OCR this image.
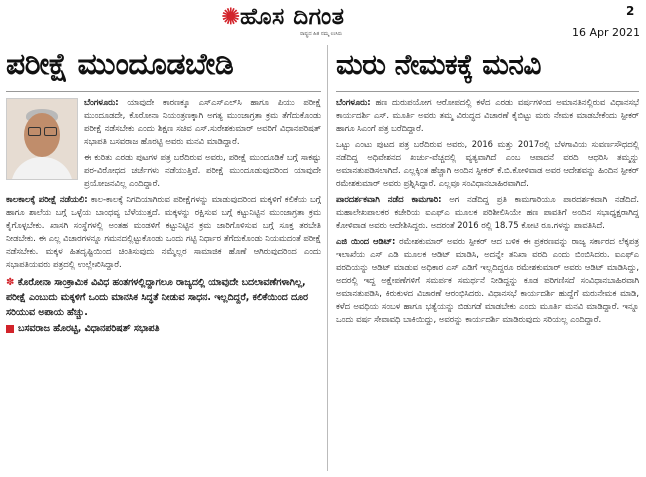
✺ಹೊಸ ದಿಗಂತ
ರಾಷ್ಟ್ರದ ಹಿತ ನಮ್ಮ ಉಸಿರು
2
16 Apr 2021
ಪರೀಕ್ಷೆ ಮುಂದೂಡಬೇಡಿ

ಬೆಂಗಳೂರು:
ಯಾವುದೇ ಕಾರಣಕ್ಕೂ ಎಸ್‌ಎಸ್‌ಎಲ್‌ಸಿ ಹಾಗೂ ಪಿಯು ಪರೀಕ್ಷೆ ಮುಂದೂಡದೇ, ಕೊರೋನಾ ನಿಯಂತ್ರಣಕ್ಕಾಗಿ ಅಗತ್ಯ ಮುಂಜಾಗ್ರತಾ ಕ್ರಮ ತೆಗೆದುಕೊಂಡು ಪರೀಕ್ಷೆ ನಡೆಸಬೇಕು ಎಂದು ಶಿಕ್ಷಣ ಸಚಿವ ಎಸ್.ಸುರೇಶಕುಮಾರ್ ಅವರಿಗೆ ವಿಧಾನಪರಿಷತ್ ಸಭಾಪತಿ ಬಸವರಾಜ ಹೊರಟ್ಟಿ ಅವರು ಮನವಿ ಮಾಡಿದ್ದಾರೆ.

ಈ ಕುರಿತು ಎರಡು ಪುಟಗಳ ಪತ್ರ ಬರೆದಿರುವ ಅವರು, ಪರೀಕ್ಷೆ ಮುಂದೂಡಿಕೆ ಬಗ್ಗೆ ಸಾಕಷ್ಟು ಪರ-ವಿರೋಧದ ಚರ್ಚೆಗಳು ನಡೆಯುತ್ತಿವೆ. ಪರೀಕ್ಷೆ ಮುಂದೂಡುವುದರಿಂದ ಯಾವುದೇ ಪ್ರಯೋಜನವಿಲ್ಲ ಎಂದಿದ್ದಾರೆ.

ಕಾಲಕಾಲಕ್ಕೆ ಪರೀಕ್ಷೆ ನಡೆಯಲಿ: ಕಾಲ-ಕಾಲಕ್ಕೆ ನಿಗದಿಯಾಗಿರುವ ಪರೀಕ್ಷೆಗಳನ್ನು ಮಾಡುವುದರಿಂದ ಮಕ್ಕಳಿಗೆ ಕಲಿಕೆಯ ಬಗ್ಗೆ ಹಾಗೂ ಶಾಲೆಯ ಬಗ್ಗೆ ಒಳ್ಳೆಯ ಬಾಂಧವ್ಯ ಬೆಳೆಯುತ್ತದೆ. ಮಕ್ಕಳನ್ನು ರಕ್ಷಿಸುವ ಬಗ್ಗೆ ಕಟ್ಟುನಿಟ್ಟಿನ ಮುಂಜಾಗ್ರತಾ ಕ್ರಮ ಕೈಗೊಳ್ಳಬೇಕು. ಖಾಸಗಿ ಸಂಸ್ಥೆಗಳಲ್ಲಿ ಅಂತಹ ಮಂಡಳಿಗೆ ಕಟ್ಟುನಿಟ್ಟಿನ ಕ್ರಮ ಜಾರಿಗೊಳಿಸುವ ಬಗ್ಗೆ ಸೂಕ್ತ ತರಬೇತಿ ನೀಡಬೇಕು. ಈ ಎಲ್ಲ ವಿಚಾರಗಳನ್ನೂ ಗಮನದಲ್ಲಿಟ್ಟುಕೊಂಡು ಒಂದು ಗಟ್ಟಿ ನಿರ್ಧಾರ ತೆಗೆದುಕೊಂಡು ನಿಯಮದಂತೆ ಪರೀಕ್ಷೆ ನಡೆಸಬೇಕು. ಮಕ್ಕಳ ಹಿತದೃಷ್ಟಿಯಿಂದ ಚಿಂತಿಸುವುದು ನಮ್ಮೆಲ್ಲರ ಸಾಮಾಜಿಕ ಹೊಣೆ ಆಗಿರುವುದರಿಂದ ಎಂದು ಸಭಾಪತಿಯವರು ಪತ್ರದಲ್ಲಿ ಉಲ್ಲೇಖಿಸಿದ್ದಾರೆ.

✽ ಕೊರೋನಾ ಸಾಂಕ್ರಾಮಿಕ ವಿವಿಧ ಹಂತಗಳಲ್ಲಿದ್ದಾಗಲೂ ರಾಜ್ಯದಲ್ಲಿ ಯಾವುದೇ ಬದಲಾವಣೆಗಳಾಗಿಲ್ಲ, ಪರೀಕ್ಷೆ ಎಂಬುದು ಮಕ್ಕಳಿಗೆ ಒಂದು ಮಾನಸಿಕ ಸಿದ್ಧತೆ ನೀಡುವ ಸಾಧನ. ಇಲ್ಲದಿದ್ದರೆ, ಕಲಿಕೆಯಿಂದ ದೂರ ಸರಿಯುವ ಅಪಾಯ ಹೆಚ್ಚು.
ಬಸವರಾಜ ಹೊರಟ್ಟಿ, ವಿಧಾನಪರಿಷತ್ ಸಭಾಪತಿ
ಮರು ನೇಮಕಕ್ಕೆ ಮನವಿ

ಬೆಂಗಳೂರು: ಹಣ ದುರುಪಯೋಗ ಆರೋಪದಲ್ಲಿ ಕಳೆದ ಎರಡು ವರ್ಷಗಳಿಂದ ಅಮಾನತಿನಲ್ಲಿರುವ ವಿಧಾನಸಭೆ ಕಾರ್ಯದರ್ಶಿ ಎಸ್. ಮೂರ್ತಿ ಅವರು ತಮ್ಮ ವಿರುದ್ಧದ ವಿಚಾರಣೆ ಕೈಬಿಟ್ಟು ಮರು ನೇಮಕ ಮಾಡಬೇಕೆಂದು ಸ್ಪೀಕರ್ ಹಾಗೂ ಸಿಎಂಗೆ ಪತ್ರ ಬರೆದಿದ್ದಾರೆ.

ಒಟ್ಟು ಎಂಟು ಪುಟದ ಪತ್ರ ಬರೆದಿರುವ ಅವರು, 2016 ಮತ್ತು 2017ರಲ್ಲಿ ಬೆಳಗಾವಿಯ ಸುವರ್ಣಸೌಧದಲ್ಲಿ ನಡೆದಿದ್ದ ಅಧಿವೇಶನದ ಖರ್ಚು-ವೆಚ್ಚದಲ್ಲಿ ವ್ಯತ್ಯವಾಗಿದೆ ಎಂಬ ಆಪಾದನೆ ವರದಿ ಆಧರಿಸಿ ತಮ್ಮನ್ನು ಅಮಾನತುಪಡಿಸಲಾಗಿದೆ. ಎಲ್ಲಕ್ಕಿಂತ ಹೆಚ್ಚಾಗಿ ಅಂದಿನ ಸ್ಪೀಕರ್ ಕೆ.ಬಿ.ಕೋಳಿವಾಡ ಅವರ ಆದೇಶವನ್ನು ಹಿಂದಿನ ಸ್ಪೀಕರ್ ರಮೇಶಕುಮಾರ್ ಅವರು ಪ್ರಶ್ನಿಸಿದ್ದಾರೆ. ಎಲ್ಲವೂ ಸಂವಿಧಾನಬಾಹಿರವಾಗಿದೆ.

ಪಾರದರ್ಶಕವಾಗಿ ನಡೆದ ಕಾಮಗಾರಿ: ಅಗ ನಡೆದಿದ್ದ ಪ್ರತಿ ಕಾಮಗಾರಿಯೂ ಪಾರದರ್ಶಕವಾಗಿ ನಡೆದಿದೆ. ಮಹಾಲೇಖಪಾಲಕರ ಕಚೇರಿಯ ಐಎಫ್‌ಎ ಮೂಲಕ ಪರಿಶೀಲಿಸಿಯೇ ಹಣ ಪಾವತಿಗೆ ಅಂದಿನ ಸಭಾಧ್ಯಕ್ಷರಾಗಿದ್ದ ಕೋಳಿವಾಡ ಅವರು ಆದೇಶಿಸಿದ್ದರು. ಅದರಂತೆ 2016 ರಲ್ಲಿ 18.75 ಕೋಟಿ ರೂ.ಗಳನ್ನು ಪಾವತಿಸಿದೆ.

ಎಜಿ ಯಿಂದ ಆಡಿಟ್: ರಮೇಶಕುಮಾರ್ ಅವರು ಸ್ಪೀಕರ್ ಆದ ಬಳಿಕ ಈ ಪ್ರಕರಣವನ್ನು ರಾಜ್ಯ ಸರ್ಕಾರದ ಲೆಕ್ಕಪತ್ರ ಇಲಾಖೆಯ ಎಸ್ ಎಡಿ ಮೂಲಕ ಆಡಿಟ್ ಮಾಡಿಸಿ, ಅದನ್ನೇ ತನಿಖಾ ವರದಿ ಎಂದು ಬಿಂಬಿಸಿದರು. ಐಎಫ್‌ಎ ವರದಿಯನ್ನು ಆಡಿಟ್ ಮಾಡುವ ಅಧಿಕಾರ ಎಸ್ ಎಡಿಗೆ ಇಲ್ಲದಿದ್ದರೂ ರಮೇಶಕುಮಾರ್ ಅವರು ಆಡಿಟ್ ಮಾಡಿಸಿದ್ದು, ಅದರಲ್ಲಿ ಇದ್ದ ಅಕ್ಷೇಪಣೆಗಳಿಗೆ ಸಮರ್ಪಕ ಸಮರ್ಥನೆ ನೀಡಿದ್ದನ್ನು ಕೂಡ ಪರಿಗಣಿಸದೆ ಸಂವಿಧಾನಬಾಹಿರವಾಗಿ ಅಮಾನತುಪಡಿಸಿ, ಕಿರುಕುಳದ ವಿಚಾರಣೆ ಆರಂಭಿಸಿದರು. ವಿಧಾನಸಭೆ ಕಾರ್ಯದರ್ಶಿ ಹುದ್ದೆಗೆ ಮರುನೇಮಕ ಮಾಡಿ, ಕಳೆದ ಅವಧಿಯ ಸಂಬಳ ಹಾಗೂ ಭತ್ಯೆಯನ್ನು ಬಿಡುಗಡೆ ಮಾಡಬೇಕು ಎಂದು ಮೂರ್ತಿ ಮನವಿ ಮಾಡಿದ್ದಾರೆ. ಇನ್ನೂ ಒಂದು ವರ್ಷ ಸೇವಾವಧಿ ಬಾಕಿಯಿದ್ದು, ಅವರನ್ನು ಕಾರ್ಯದರ್ಶಿ ಮಾಡಿರುವುದು ಸರಿಯಲ್ಲ ಎಂದಿದ್ದಾರೆ.
